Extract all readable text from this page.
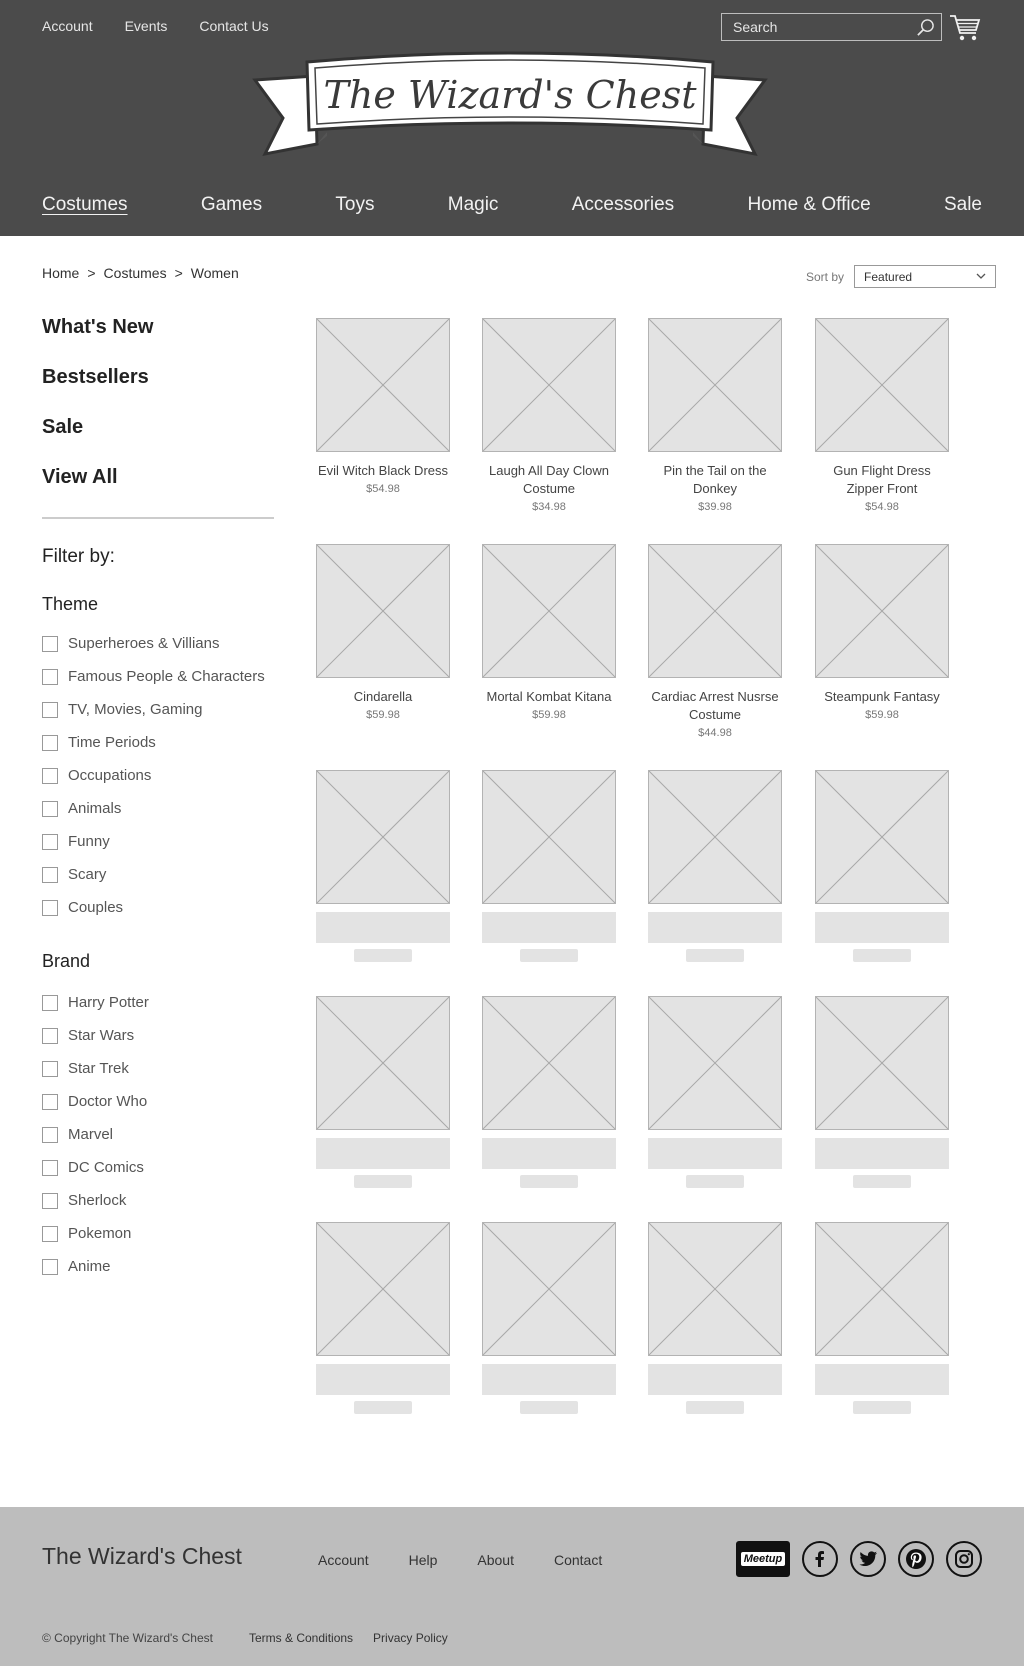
Account Events Contact Us
Search
The Wizard's Chest
Costumes	Games	Toys	Magic	Accessories	Home & Office	Sale
Home > Costumes > Women	Sort by	Featured
What's New
Bestsellers
Sale
View All
Filter by:
Theme
Superheroes & Villians
Famous People & Characters
TV, Movies, Gaming
Time Periods
Occupations
Animals
Funny
Scary
Couples
Brand
Harry Potter
Star Wars
Star Trek
Doctor Who
Marvel
DC Comics
Sherlock
Pokemon
Anime
Evil Witch Black Dress
$54.98
Laugh All Day Clown Costume
$34.98
Pin the Tail on the Donkey
$39.98
Gun Flight Dress Zipper Front
$54.98
Cindarella
$59.98
Mortal Kombat Kitana
$59.98
Cardiac Arrest Nusrse Costume
$44.98
Steampunk Fantasy
$59.98
The Wizard's Chest	Account	Help	About	Contact	Meetup
© Copyright The Wizard's Chest	Terms & Conditions Privacy Policy
